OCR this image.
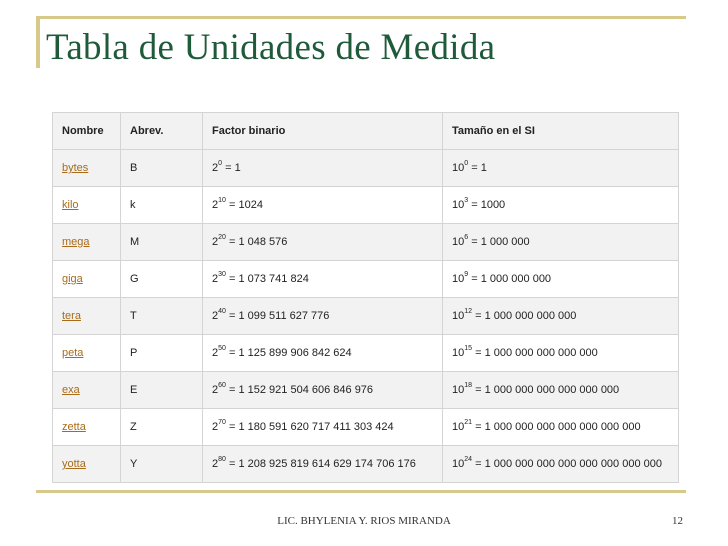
Tabla de Unidades de Medida
Nombre	Abrev.	Factor binario	Tamaño en el SI
bytes	B	$2^0 = 1$	$10^0 = 1$
kilo	k	$2^{10} = 1024$	$10^3 = 1000$
mega	M	$2^{20} = 1$ 048 576	$10^6 = 1$ 000 000
giga	G	$2^{30} = 1$ 073 741 824	$10^9 = 1$ 000 000 000
tera	T	$2^{40} = 1$ 099 511 627 776	$10^{12} = 1$ 000 000 000 000
peta	P	$2^{50} = 1$ 125 899 906 842 624	$10^{15} = 1$ 000 000 000 000 000
exa	E	$2^{60} = 1$ 152 921 504 606 846 976	$10^{18} = 1$ 000 000 000 000 000 000
zetta	Z	$2^{70} = 1$ 180 591 620 717 411 303 424	$10^{21} = 1$ 000 000 000 000 000 000 000
yotta	Y	$2^{80} = 1$ 208 925 819 614 629 174 706 176	$10^{24} = 1$ 000 000 000 000 000 000 000 000
LIC. BHYLENIA Y. RIOS MIRANDA	12
